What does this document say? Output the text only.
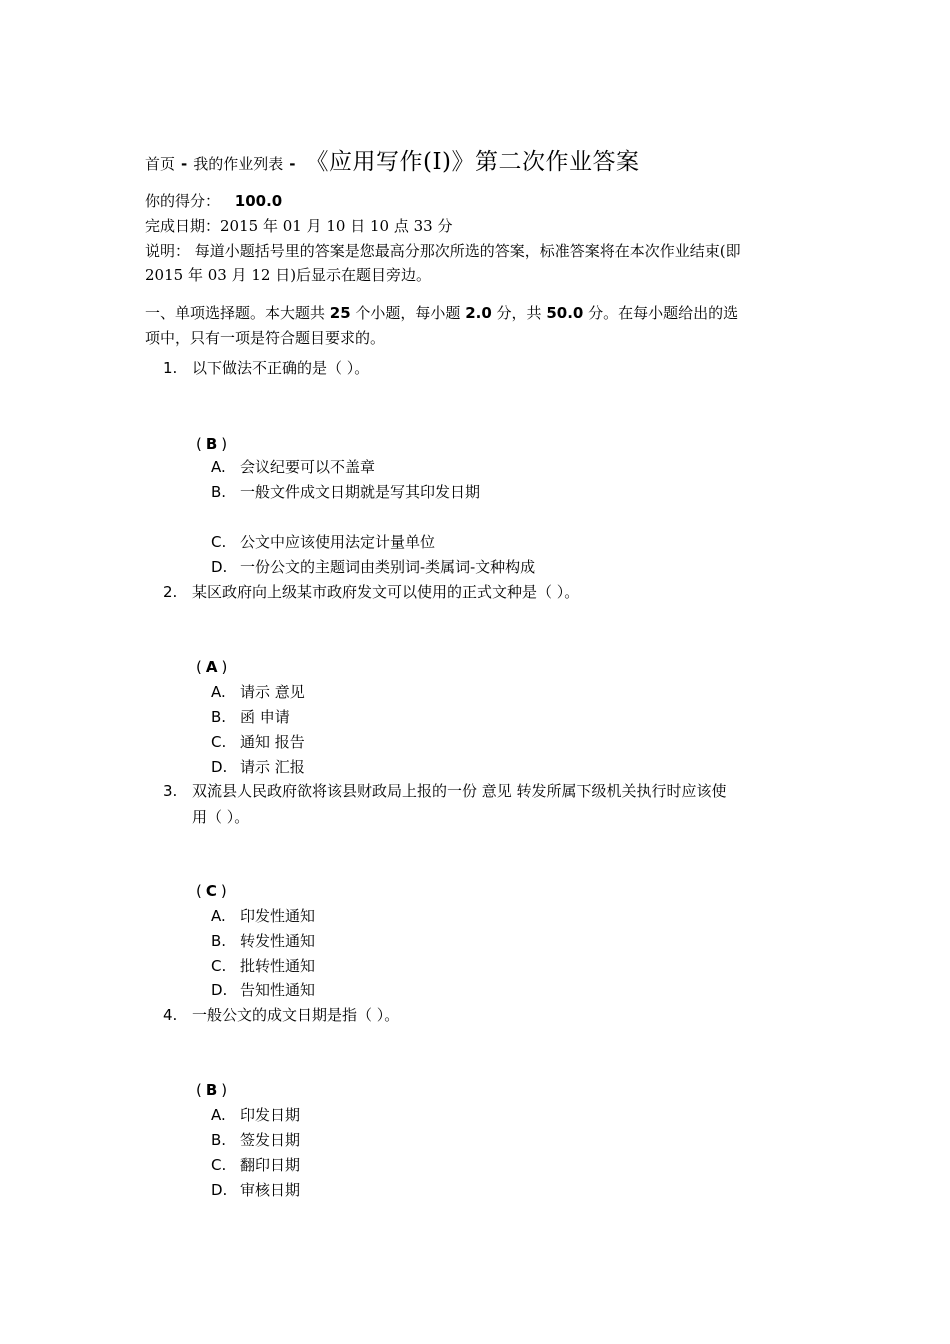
首页 - 我的作业列表 - 《应用写作(Ⅰ)》第二次作业答案
你的得分： 100.0
完成日期：2015 年 01 月 10 日 10 点 33 分
说明： 每道小题括号里的答案是您最高分那次所选的答案，标准答案将在本次作业结束(即
2015 年 03 月 12 日)后显示在题目旁边。
一、单项选择题。本大题共 25 个小题，每小题 2.0 分，共 50.0 分。在每小题给出的选
项中，只有一项是符合题目要求的。
1. 以下做法不正确的是（ ）。
( B )
A. 会议纪要可以不盖章
B. 一般文件成文日期就是写其印发日期
C. 公文中应该使用法定计量单位
D. 一份公文的主题词由类别词-类属词-文种构成
2. 某区政府向上级某市政府发文可以使用的正式文种是（ ）。
( A )
A. 请示 意见
B. 函 申请
C. 通知 报告
D. 请示 汇报
3. 双流县人民政府欲将该县财政局上报的一份 意见 转发所属下级机关执行时应该使
用（ ）。
( C )
A. 印发性通知
B. 转发性通知
C. 批转性通知
D. 告知性通知
4. 一般公文的成文日期是指（ ）。
( B )
A. 印发日期
B. 签发日期
C. 翻印日期
D. 审核日期
